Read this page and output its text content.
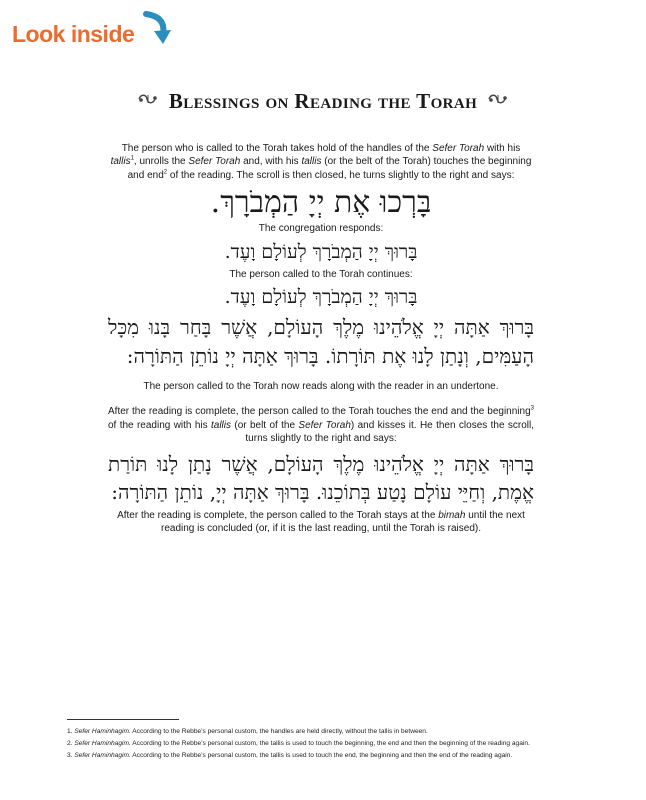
Look inside
Blessings on Reading the Torah

The person who is called to the Torah takes hold of the handles of the Sefer Torah with his tallis$^1$, unrolls the Sefer Torah and, with his tallis (or the belt of the Torah) touches the beginning and end$^2$ of the reading. The scroll is then closed, he turns slightly to the right and says:

בָּרְכוּ אֶת יְיָ הַמְבֹרָךְ.

The congregation responds:

בָּרוּךְ יְיָ הַמְבֹרָךְ לְעוֹלָם וָעֶד.

The person called to the Torah continues:

בָּרוּךְ יְיָ הַמְבֹרָךְ לְעוֹלָם וָעֶד.

בָּרוּךְ אַתָּה יְיָ אֱלֹהֵינוּ מֶלֶךְ הָעוֹלָם, אֲשֶׁר בָּחַר בָּנוּ מִכָּל הָעַמִּים, וְנָתַן לָנוּ אֶת תּוֹרָתוֹ. בָּרוּךְ אַתָּה יְיָ נוֹתֵן הַתּוֹרָה:

The person called to the Torah now reads along with the reader in an undertone.

After the reading is complete, the person called to the Torah touches the end and the beginning$^3$ of the reading with his tallis (or belt of the Sefer Torah) and kisses it. He then closes the scroll, turns slightly to the right and says:

בָּרוּךְ אַתָּה יְיָ אֱלֹהֵינוּ מֶלֶךְ הָעוֹלָם, אֲשֶׁר נָתַן לָנוּ תּוֹרַת אֱמֶת, וְחַיֵּי עוֹלָם נָטַע בְּתוֹכֵנוּ. בָּרוּךְ אַתָּה יְיָ, נוֹתֵן הַתּוֹרָה:

After the reading is complete, the person called to the Torah stays at the bimah until the next reading is concluded (or, if it is the last reading, until the Torah is raised).

1. Sefer Haminhagim. According to the Rebbe’s personal custom, the handles are held directly, without the tallis in between.

2. Sefer Haminhagim. According to the Rebbe’s personal custom, the tallis is used to touch the beginning, the end and then the beginning of the reading again.

3. Sefer Haminhagim. According to the Rebbe’s personal custom, the tallis is used to touch the end, the beginning and then the end of the reading again.
